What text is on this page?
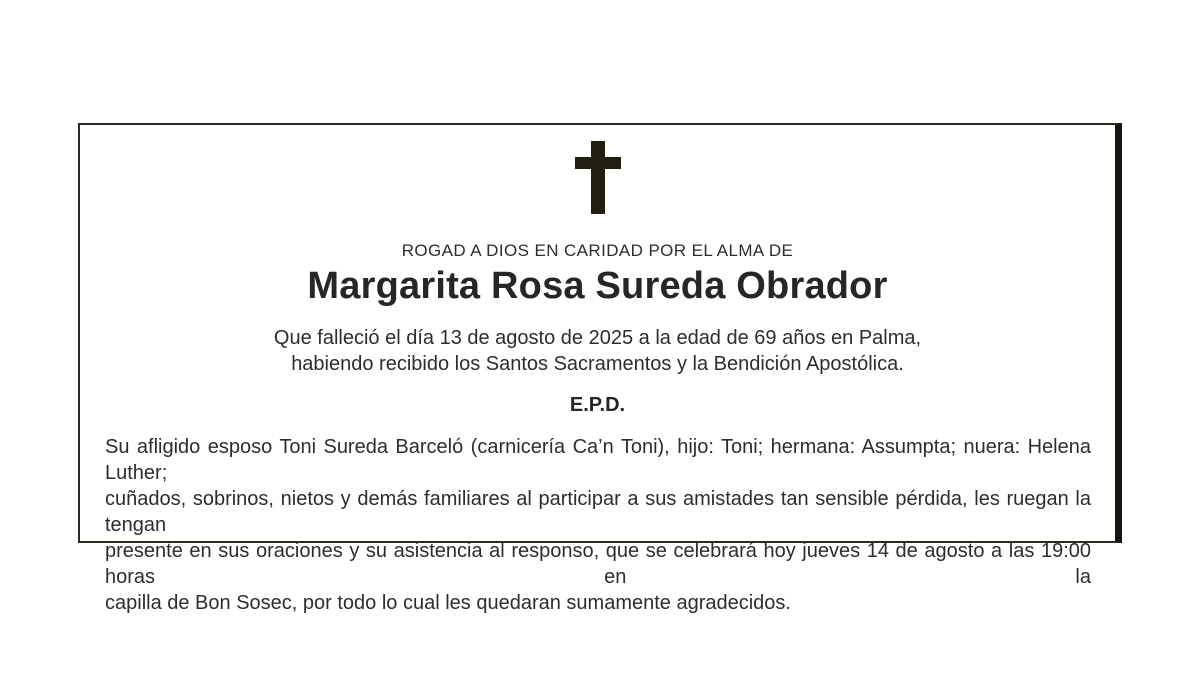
ROGAD A DIOS EN CARIDAD POR EL ALMA DE
Margarita Rosa Sureda Obrador
Que falleció el día 13 de agosto de 2025 a la edad de 69 años en Palma,
habiendo recibido los Santos Sacramentos y la Bendición Apostólica.
E.P.D.
Su afligido esposo Toni Sureda Barceló (carnicería Ca’n Toni), hijo: Toni; hermana: Assumpta; nuera: Helena Luther;
cuñados, sobrinos, nietos y demás familiares al participar a sus amistades tan sensible pérdida, les ruegan la tengan
presente en sus oraciones y su asistencia al responso, que se celebrará hoy jueves 14 de agosto a las 19:00 horas en la
capilla de Bon Sosec, por todo lo cual les quedaran sumamente agradecidos.
